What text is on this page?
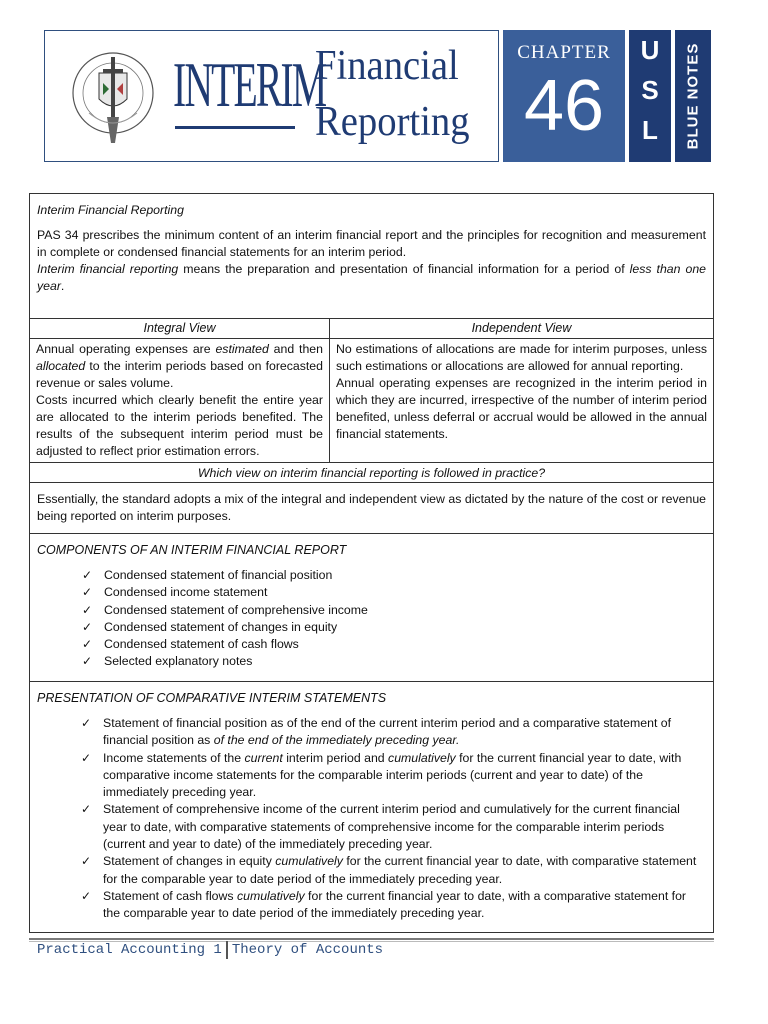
INTERIM
Financial
Reporting
CHAPTER
46
U
S
L	BLUE NOTES

Interim Financial Reporting

PAS 34 prescribes the minimum content of an interim financial report and the principles for recognition and measurement in complete or condensed financial statements for an interim period.

Interim financial reporting means the preparation and presentation of financial information for a period of less than one year.

Integral View

Annual operating expenses are estimated and then allocated to the interim periods based on forecasted revenue or sales volume.

Costs incurred which clearly benefit the entire year are allocated to the interim periods benefited. The results of the subsequent interim period must be adjusted to reflect prior estimation errors.

Independent View

No estimations of allocations are made for interim purposes, unless such estimations or allocations are allowed for annual reporting.

Annual operating expenses are recognized in the interim period in which they are incurred, irrespective of the number of interim period benefited, unless deferral or accrual would be allowed in the annual financial statements.

Which view on interim financial reporting is followed in practice?

Essentially, the standard adopts a mix of the integral and independent view as dictated by the nature of the cost or revenue being reported on interim purposes.

COMPONENTS OF AN INTERIM FINANCIAL REPORT

✓ Condensed statement of financial position
✓ Condensed income statement
✓ Condensed statement of comprehensive income
✓ Condensed statement of changes in equity
✓ Condensed statement of cash flows
✓ Selected explanatory notes

PRESENTATION OF COMPARATIVE INTERIM STATEMENTS

✓ Statement of financial position as of the end of the current interim period and a comparative statement of financial position as of the end of the immediately preceding year.
✓ Income statements of the current interim period and cumulatively for the current financial year to date, with comparative income statements for the comparable interim periods (current and year to date) of the immediately preceding year.
✓ Statement of comprehensive income of the current interim period and cumulatively for the current financial year to date, with comparative statements of comprehensive income for the comparable interim periods (current and year to date) of the immediately preceding year.
✓ Statement of changes in equity cumulatively for the current financial year to date, with comparative statement for the comparable year to date period of the immediately preceding year.
✓ Statement of cash flows cumulatively for the current financial year to date, with a comparative statement for the comparable year to date period of the immediately preceding year.
Practical Accounting 1 Theory of Accounts
